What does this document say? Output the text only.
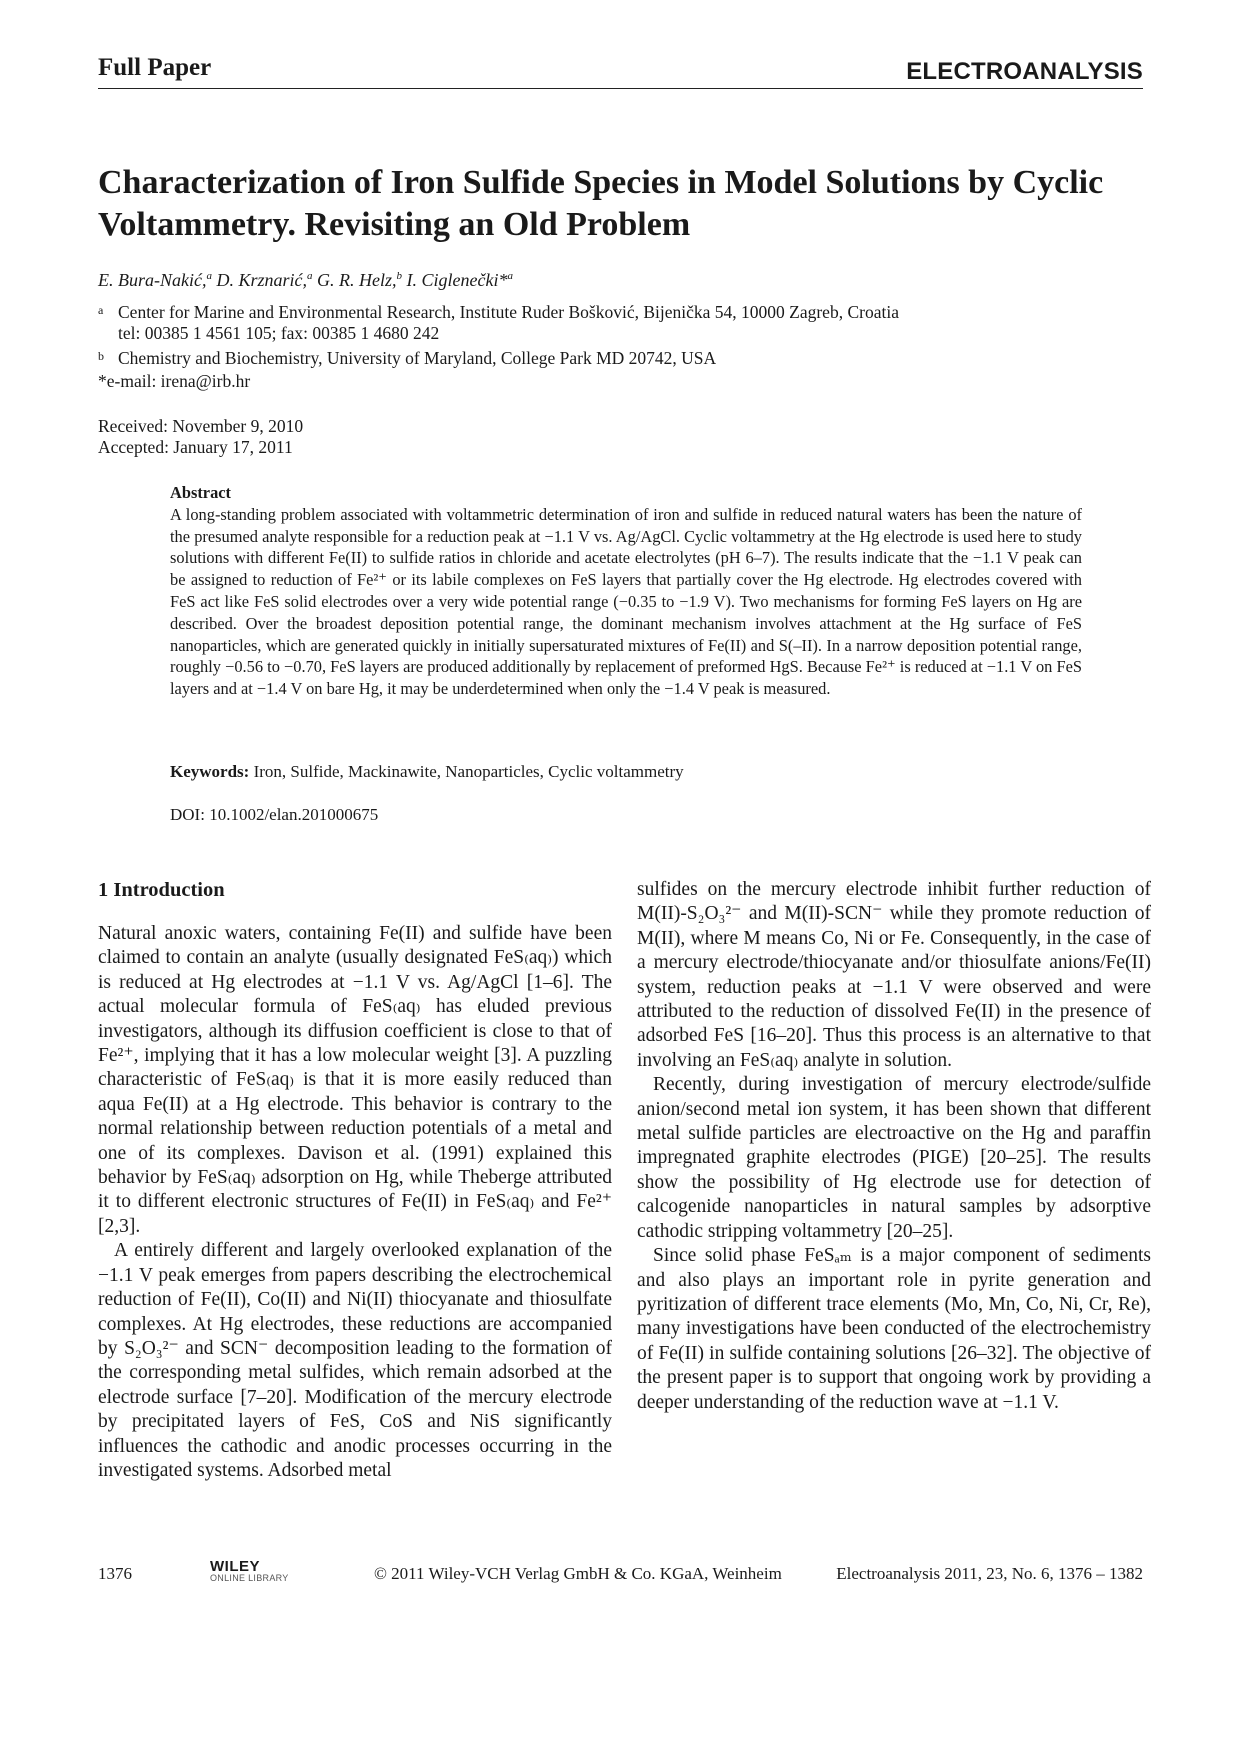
Full Paper	ELECTROANALYSIS
Characterization of Iron Sulfide Species in Model Solutions by Cyclic Voltammetry. Revisiting an Old Problem
E. Bura-Nakić,$^a$ D. Krznarić,$^a$ G. R. Helz,$^b$ I. Ciglenečki*$^a$
a Center for Marine and Environmental Research, Institute Ruder Bošković, Bijenička 54, 10000 Zagreb, Croatia
tel: 00385 1 4561 105; fax: 00385 1 4680 242
b Chemistry and Biochemistry, University of Maryland, College Park MD 20742, USA
*e-mail: irena@irb.hr
Received: November 9, 2010
Accepted: January 17, 2011
Abstract
A long-standing problem associated with voltammetric determination of iron and sulfide in reduced natural waters has been the nature of the presumed analyte responsible for a reduction peak at −1.1 V vs. Ag/AgCl. Cyclic voltammetry at the Hg electrode is used here to study solutions with different Fe(II) to sulfide ratios in chloride and acetate electrolytes (pH 6–7). The results indicate that the −1.1 V peak can be assigned to reduction of Fe²⁺ or its labile complexes on FeS layers that partially cover the Hg electrode. Hg electrodes covered with FeS act like FeS solid electrodes over a very wide potential range (−0.35 to −1.9 V). Two mechanisms for forming FeS layers on Hg are described. Over the broadest deposition potential range, the dominant mechanism involves attachment at the Hg surface of FeS nanoparticles, which are generated quickly in initially supersaturated mixtures of Fe(II) and S(–II). In a narrow deposition potential range, roughly −0.56 to −0.70, FeS layers are produced additionally by replacement of preformed HgS. Because Fe²⁺ is reduced at −1.1 V on FeS layers and at −1.4 V on bare Hg, it may be underdetermined when only the −1.4 V peak is measured.
Keywords: Iron, Sulfide, Mackinawite, Nanoparticles, Cyclic voltammetry
DOI: 10.1002/elan.201000675
1 Introduction

Natural anoxic waters, containing Fe(II) and sulfide have been claimed to contain an analyte (usually designated FeS₍aq₎) which is reduced at Hg electrodes at −1.1 V vs. Ag/AgCl [1–6]. The actual molecular formula of FeS₍aq₎ has eluded previous investigators, although its diffusion coefficient is close to that of Fe²⁺, implying that it has a low molecular weight [3]. A puzzling characteristic of FeS₍aq₎ is that it is more easily reduced than aqua Fe(II) at a Hg electrode. This behavior is contrary to the normal relationship between reduction potentials of a metal and one of its complexes. Davison et al. (1991) explained this behavior by FeS₍aq₎ adsorption on Hg, while Theberge attributed it to different electronic structures of Fe(II) in FeS₍aq₎ and Fe²⁺ [2,3].

A entirely different and largely overlooked explanation of the −1.1 V peak emerges from papers describing the electrochemical reduction of Fe(II), Co(II) and Ni(II) thiocyanate and thiosulfate complexes. At Hg electrodes, these reductions are accompanied by S₂O₃²⁻ and SCN⁻ decomposition leading to the formation of the corresponding metal sulfides, which remain adsorbed at the electrode surface [7–20]. Modification of the mercury electrode by precipitated layers of FeS, CoS and NiS significantly influences the cathodic and anodic processes occurring in the investigated systems. Adsorbed metal

sulfides on the mercury electrode inhibit further reduction of M(II)-S₂O₃²⁻ and M(II)-SCN⁻ while they promote reduction of M(II), where M means Co, Ni or Fe. Consequently, in the case of a mercury electrode/thiocyanate and/or thiosulfate anions/Fe(II) system, reduction peaks at −1.1 V were observed and were attributed to the reduction of dissolved Fe(II) in the presence of adsorbed FeS [16–20]. Thus this process is an alternative to that involving an FeS₍aq₎ analyte in solution.

Recently, during investigation of mercury electrode/sulfide anion/second metal ion system, it has been shown that different metal sulfide particles are electroactive on the Hg and paraffin impregnated graphite electrodes (PIGE) [20–25]. The results show the possibility of Hg electrode use for detection of calcogenide nanoparticles in natural samples by adsorptive cathodic stripping voltammetry [20–25].

Since solid phase FeSₐₘ is a major component of sediments and also plays an important role in pyrite generation and pyritization of different trace elements (Mo, Mn, Co, Ni, Cr, Re), many investigations have been conducted of the electrochemistry of Fe(II) in sulfide containing solutions [26–32]. The objective of the present paper is to support that ongoing work by providing a deeper understanding of the reduction wave at −1.1 V.

1376	WILEY
ONLINE LIBRARY	© 2011 Wiley-VCH Verlag GmbH & Co. KGaA, Weinheim	Electroanalysis 2011, 23, No. 6, 1376 – 1382
